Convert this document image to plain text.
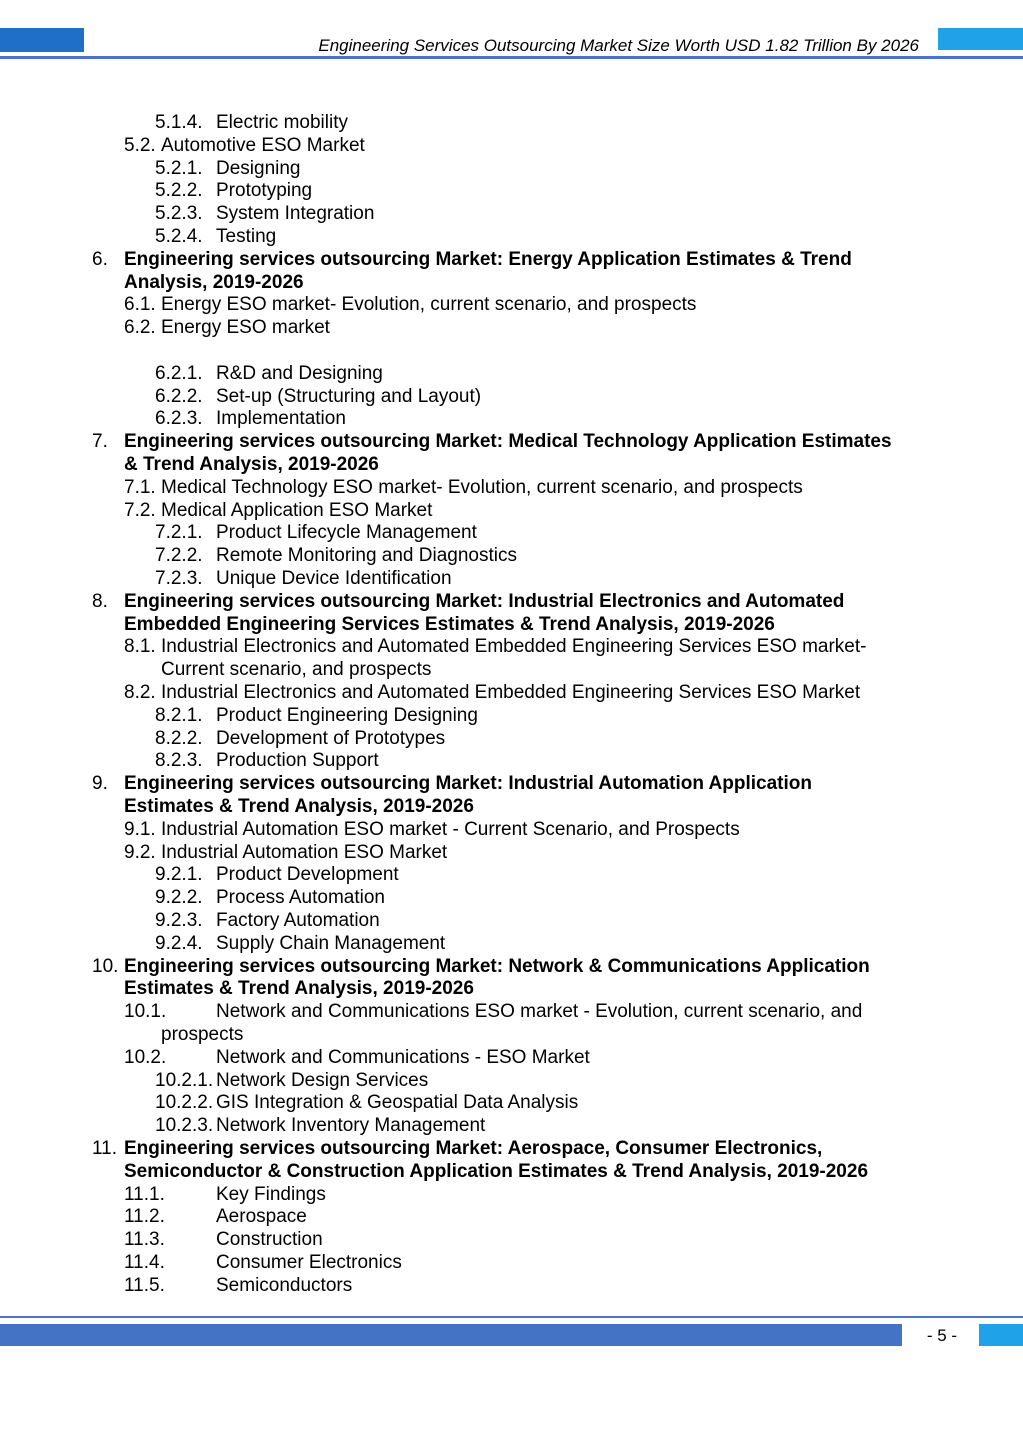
Engineering Services Outsourcing Market Size Worth USD 1.82 Trillion By 2026
5.1.4. Electric mobility
5.2. Automotive ESO Market
5.2.1. Designing
5.2.2. Prototyping
5.2.3. System Integration
5.2.4. Testing
6. Engineering services outsourcing Market: Energy Application Estimates & Trend
Analysis, 2019-2026
6.1. Energy ESO market- Evolution, current scenario, and prospects
6.2. Energy ESO market
6.2.1. R&D and Designing
6.2.2. Set-up (Structuring and Layout)
6.2.3. Implementation
7. Engineering services outsourcing Market: Medical Technology Application Estimates
& Trend Analysis, 2019-2026
7.1. Medical Technology ESO market- Evolution, current scenario, and prospects
7.2. Medical Application ESO Market
7.2.1. Product Lifecycle Management
7.2.2. Remote Monitoring and Diagnostics
7.2.3. Unique Device Identification
8. Engineering services outsourcing Market: Industrial Electronics and Automated
Embedded Engineering Services Estimates & Trend Analysis, 2019-2026
8.1. Industrial Electronics and Automated Embedded Engineering Services ESO market-
Current scenario, and prospects
8.2. Industrial Electronics and Automated Embedded Engineering Services ESO Market
8.2.1. Product Engineering Designing
8.2.2. Development of Prototypes
8.2.3. Production Support
9. Engineering services outsourcing Market: Industrial Automation Application
Estimates & Trend Analysis, 2019-2026
9.1. Industrial Automation ESO market - Current Scenario, and Prospects
9.2. Industrial Automation ESO Market
9.2.1. Product Development
9.2.2. Process Automation
9.2.3. Factory Automation
9.2.4. Supply Chain Management
10. Engineering services outsourcing Market: Network & Communications Application
Estimates & Trend Analysis, 2019-2026
10.1.	Network and Communications ESO market - Evolution, current scenario, and
prospects
10.2.	Network and Communications - ESO Market
10.2.1. Network Design Services
10.2.2. GIS Integration & Geospatial Data Analysis
10.2.3. Network Inventory Management
11. Engineering services outsourcing Market: Aerospace, Consumer Electronics,
Semiconductor & Construction Application Estimates & Trend Analysis, 2019-2026
11.1.	Key Findings
11.2.	Aerospace
11.3.	Construction
11.4.	Consumer Electronics
11.5.	Semiconductors
- 5 -
